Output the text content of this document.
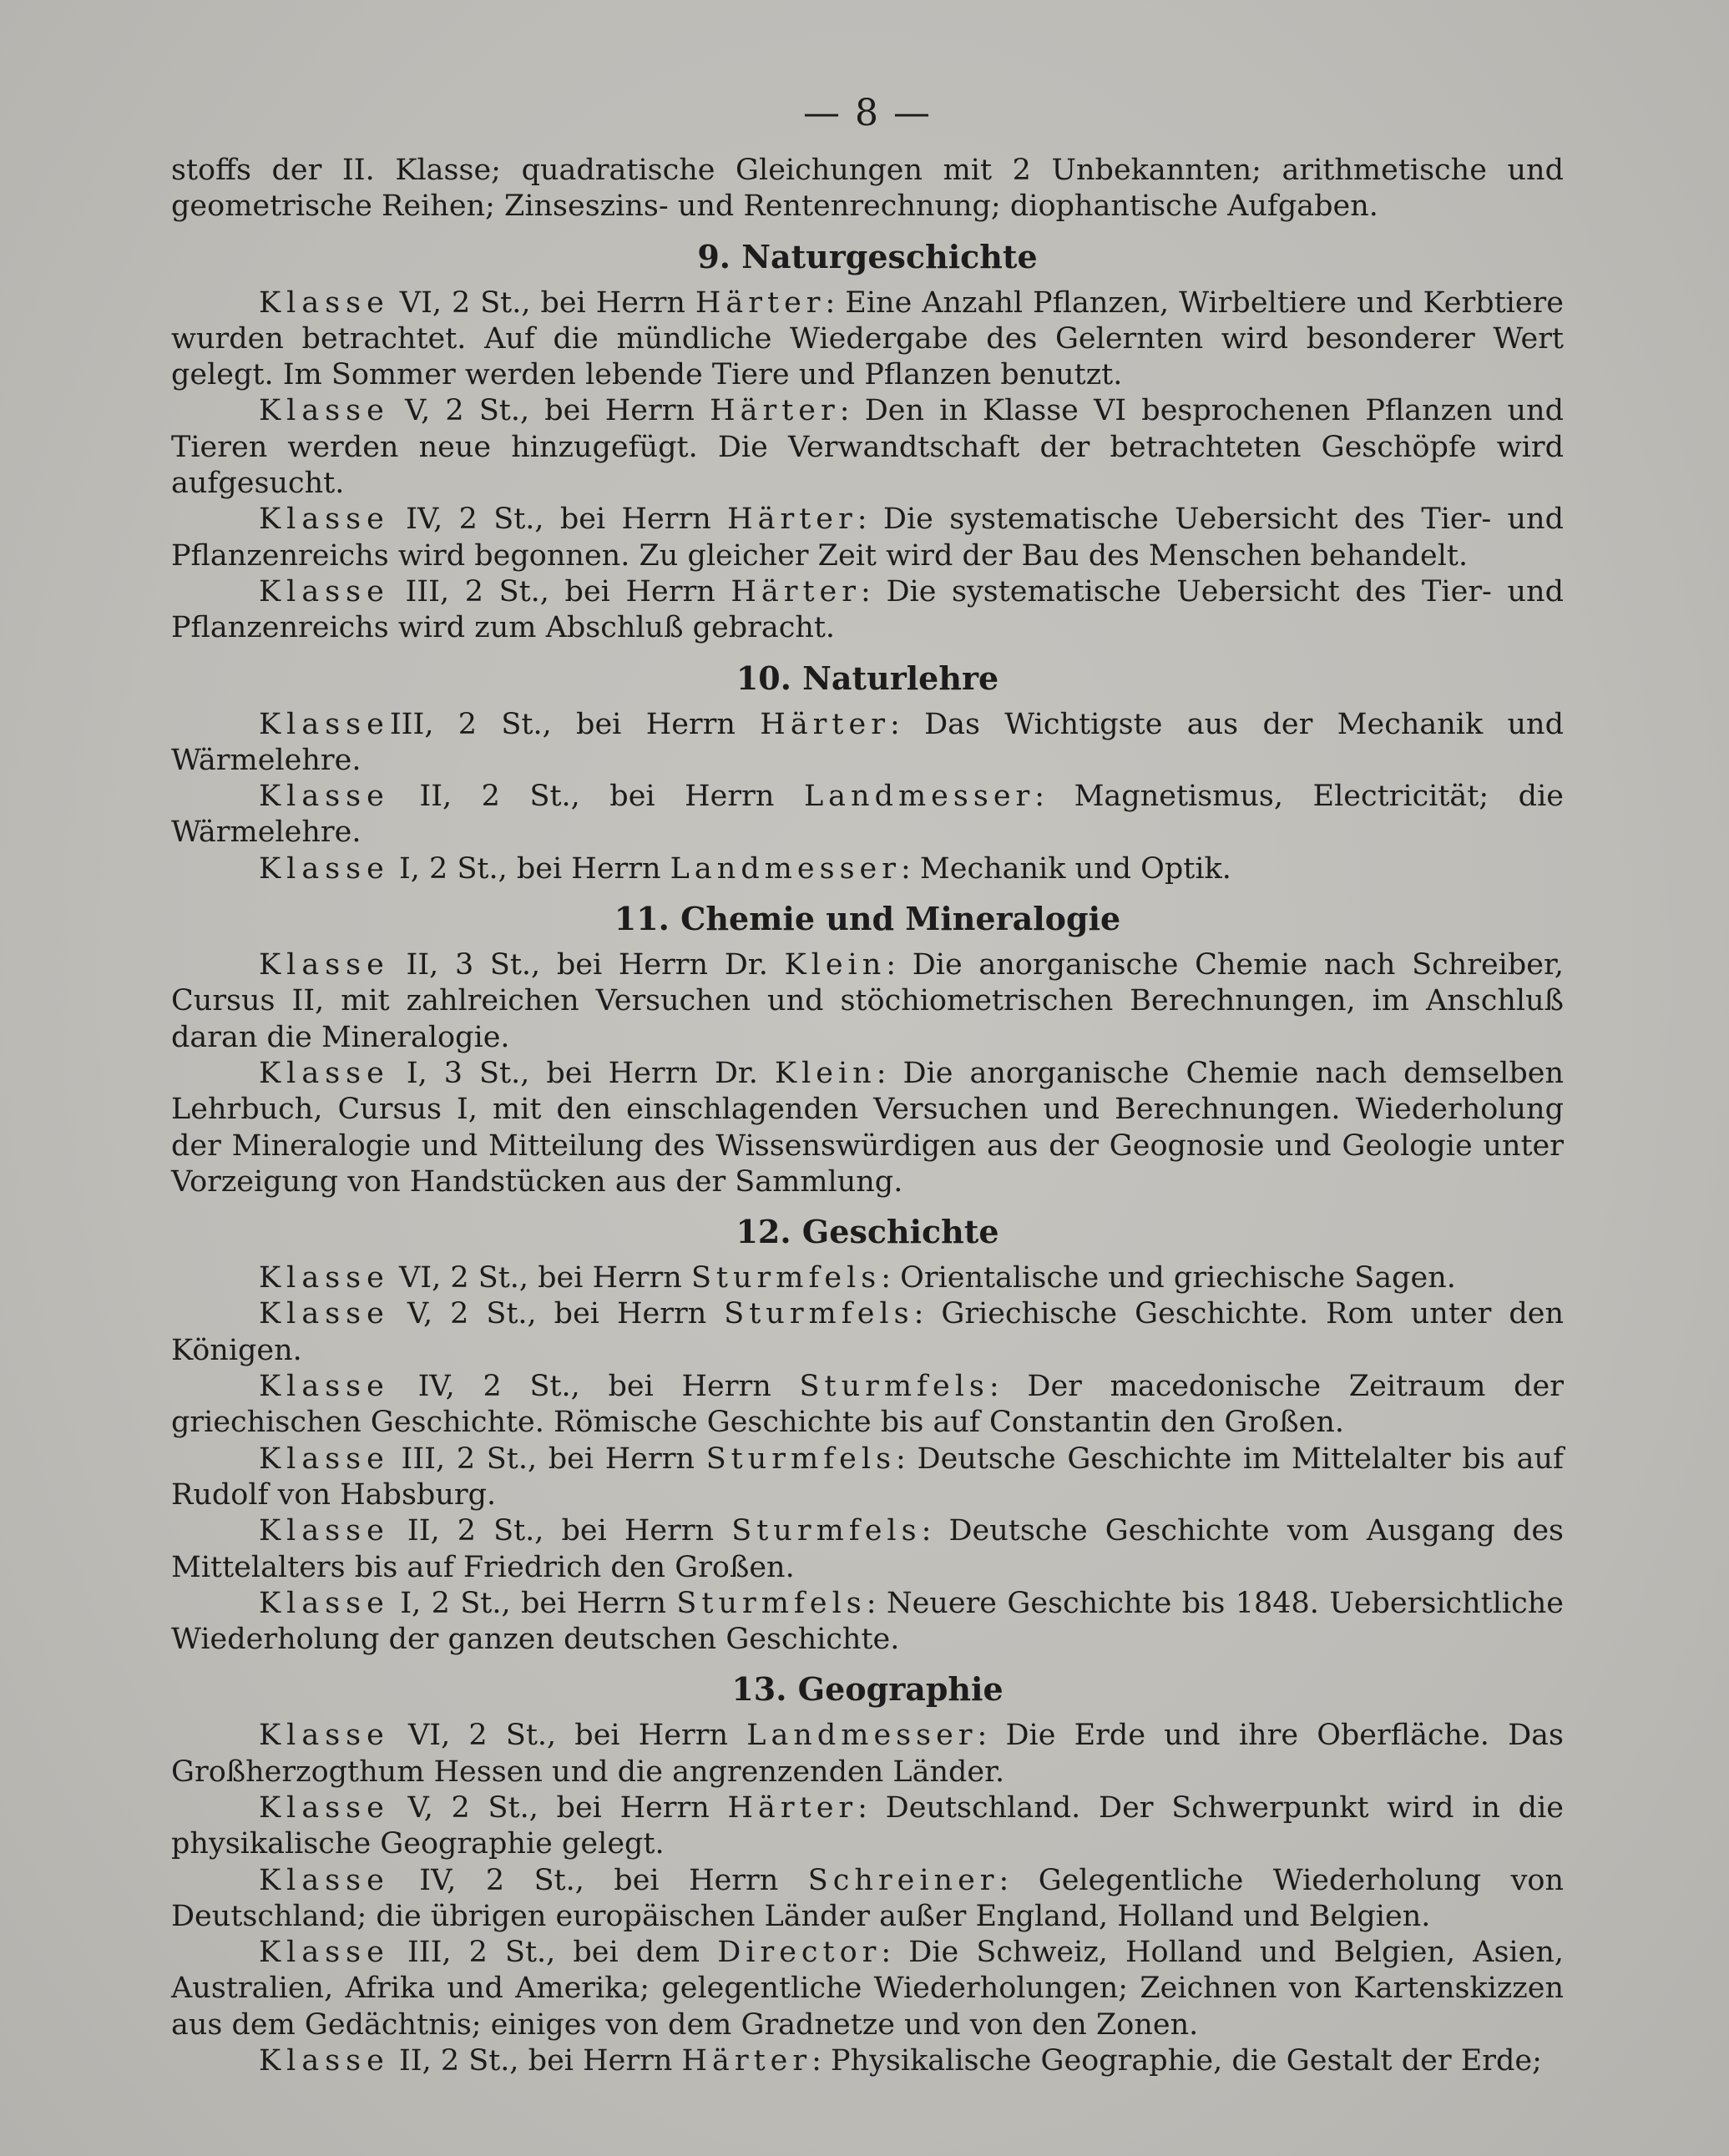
— 8 —

stoffs der II. Klasse; quadratische Gleichungen mit 2 Unbekannten; arithmetische und geometrische Reihen; Zinseszins- und Rentenrechnung; diophantische Aufgaben.

9. Naturgeschichte

Klasse VI, 2 St., bei Herrn Härter: Eine Anzahl Pflanzen, Wirbeltiere und Kerbtiere wurden betrachtet. Auf die mündliche Wiedergabe des Gelernten wird besonderer Wert gelegt. Im Sommer werden lebende Tiere und Pflanzen benutzt.

Klasse V, 2 St., bei Herrn Härter: Den in Klasse VI besprochenen Pflanzen und Tieren werden neue hinzugefügt. Die Verwandtschaft der betrachteten Geschöpfe wird aufgesucht.

Klasse IV, 2 St., bei Herrn Härter: Die systematische Uebersicht des Tier- und Pflanzenreichs wird begonnen. Zu gleicher Zeit wird der Bau des Menschen behandelt.

Klasse III, 2 St., bei Herrn Härter: Die systematische Uebersicht des Tier- und Pflanzenreichs wird zum Abschluß gebracht.

10. Naturlehre

KlasseIII, 2 St., bei Herrn Härter: Das Wichtigste aus der Mechanik und Wärmelehre.

Klasse II, 2 St., bei Herrn Landmesser: Magnetismus, Electricität; die Wärmelehre.

Klasse I, 2 St., bei Herrn Landmesser: Mechanik und Optik.

11. Chemie und Mineralogie

Klasse II, 3 St., bei Herrn Dr. Klein: Die anorganische Chemie nach Schreiber, Cursus II, mit zahlreichen Versuchen und stöchiometrischen Berechnungen, im Anschluß daran die Mineralogie.

Klasse I, 3 St., bei Herrn Dr. Klein: Die anorganische Chemie nach demselben Lehrbuch, Cursus I, mit den einschlagenden Versuchen und Berechnungen. Wiederholung der Mineralogie und Mitteilung des Wissenswürdigen aus der Geognosie und Geologie unter Vorzeigung von Handstücken aus der Sammlung.

12. Geschichte

Klasse VI, 2 St., bei Herrn Sturmfels: Orientalische und griechische Sagen.

Klasse V, 2 St., bei Herrn Sturmfels: Griechische Geschichte. Rom unter den Königen.

Klasse IV, 2 St., bei Herrn Sturmfels: Der macedonische Zeitraum der griechischen Geschichte. Römische Geschichte bis auf Constantin den Großen.

Klasse III, 2 St., bei Herrn Sturmfels: Deutsche Geschichte im Mittelalter bis auf Rudolf von Habsburg.

Klasse II, 2 St., bei Herrn Sturmfels: Deutsche Geschichte vom Ausgang des Mittelalters bis auf Friedrich den Großen.

Klasse I, 2 St., bei Herrn Sturmfels: Neuere Geschichte bis 1848. Uebersichtliche Wiederholung der ganzen deutschen Geschichte.

13. Geographie

Klasse VI, 2 St., bei Herrn Landmesser: Die Erde und ihre Oberfläche. Das Großherzogthum Hessen und die angrenzenden Länder.

Klasse V, 2 St., bei Herrn Härter: Deutschland. Der Schwerpunkt wird in die physikalische Geographie gelegt.

Klasse IV, 2 St., bei Herrn Schreiner: Gelegentliche Wiederholung von Deutschland; die übrigen europäischen Länder außer England, Holland und Belgien.

Klasse III, 2 St., bei dem Director: Die Schweiz, Holland und Belgien, Asien, Australien, Afrika und Amerika; gelegentliche Wiederholungen; Zeichnen von Kartenskizzen aus dem Gedächtnis; einiges von dem Gradnetze und von den Zonen.

Klasse II, 2 St., bei Herrn Härter: Physikalische Geographie, die Gestalt der Erde;
